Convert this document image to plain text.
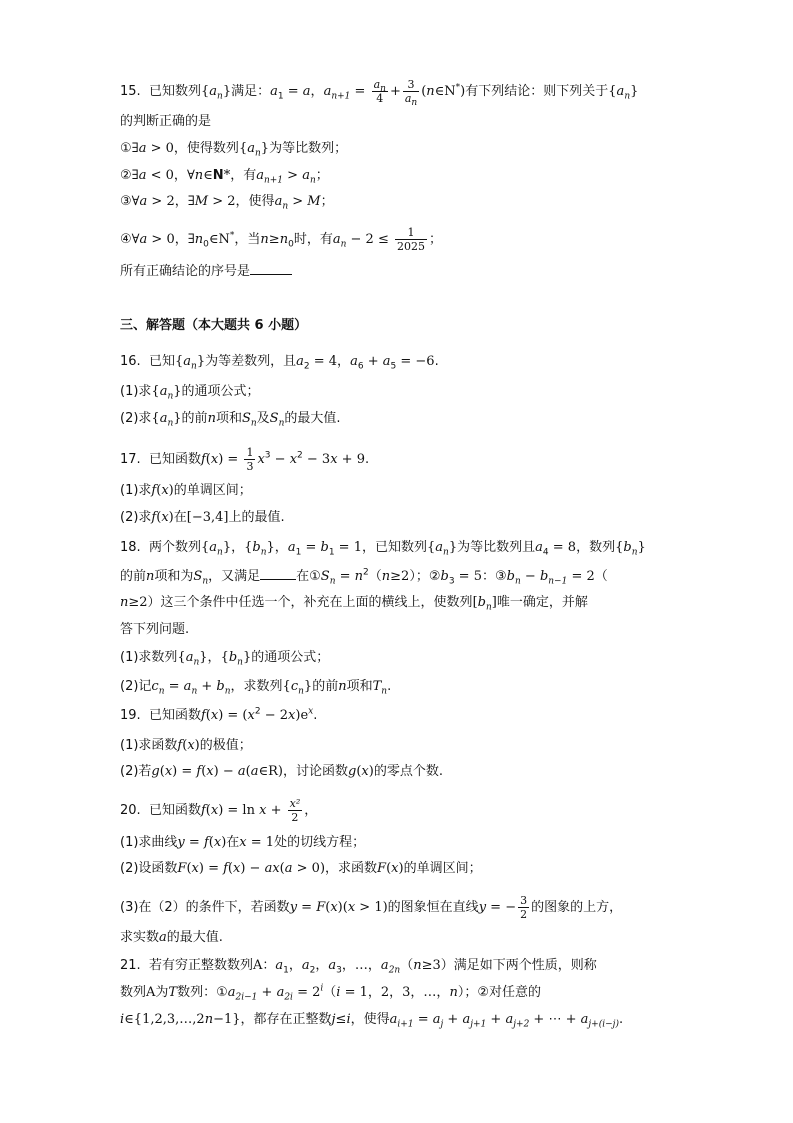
15. 已知数列$\{a_n\}$满足：$a_1 = a$，$a_{n+1} = \frac{a_n}{4} + \frac{3}{a_n}$ (n∈N*)有下列结论：则下列关于$\{a_n\}$
的判断正确的是
①∃a > 0，使得数列$\{a_n\}$为等比数列；
②∃a < 0，∀n∈N*，有$a_{n+1} > a_n$；
③∀a > 2，∃M > 2，使得$a_n > M$；
④∀a > 0，$\exists n_0\in N^*$，当$n\ge n_0$时，有$a_n - 2 \le \frac{1}{2025}$ ；
所有正确结论的序号是
三、解答题（本大题共 6 小题）
16. 已知$\{a_n\}$为等差数列，且$a_2 = 4$，$a_6 + a_5 = -6$.
(1)求$\{a_n\}$的通项公式；
(2)求$\{a_n\}$的前n项和$S_n$及$S_n$的最大值.
17. 已知函数$f(x) = \frac{1}{3} x^3 - x^2 - 3x + 9$.
(1)求f(x)的单调区间；
(2)求f(x)在[−3,4]上的最值.
18. 两个数列$\{a_n\}$，$\{b_n\}$，$a_1 = b_1 = 1$，已知数列$\{a_n\}$为等比数列且$a_4 = 8$，数列$\{b_n\}$
的前n项和为$S_n$，又满足	在$①S_n = n^2(n\ge 2)$；$②b_3 = 5$：$③b_n - b_{n-1} = 2$（
n≥2）这三个条件中任选一个，补充在上面的横线上，使数列$[b_n]$唯一确定，并解
答下列问题.
(1)求数列$\{a_n\}$，$\{b_n\}$的通项公式；
(2)记$c_n = a_n + b_n$，求数列$\{c_n\}$的前n项和$T_n$.
19. 已知函数$f(x) = (x^2 - 2x)e^x$.
(1)求函数f(x)的极值；
(2)若g(x) = f(x) − a(a∈R)，讨论函数g(x)的零点个数.
20. 已知函数$f(x) = \ln x + \frac{\text{x²}}{2}$ ，
(1)求曲线y = f(x)在x = 1处的切线方程；
(2)设函数F(x) = f(x) − ax(a > 0)，求函数F(x)的单调区间；
(3)在（2）的条件下，若函数y = F(x)(x > 1)的图象恒在直线y = − $\frac{3}{2}$ 的图象的上方，
求实数a的最大值.
21. 若有穷正整数数列A：$a_1$，$a_2$，$a_3$，…，$a_{2n}(n\ge 3)$满足如下两个性质，则称
数列A为T数列：$①a_{2i-1} + a_{2i} = 2^i(i = 1$，2，3，…，n）；②对任意的
i∈{1,2,3,…,2n−1}，都存在正整数j≤i，使得$a_{i+1} = a_j + a_{j+1} + a_{j+2}$ + ⋯ + $a_{j+(i-j)}$.
